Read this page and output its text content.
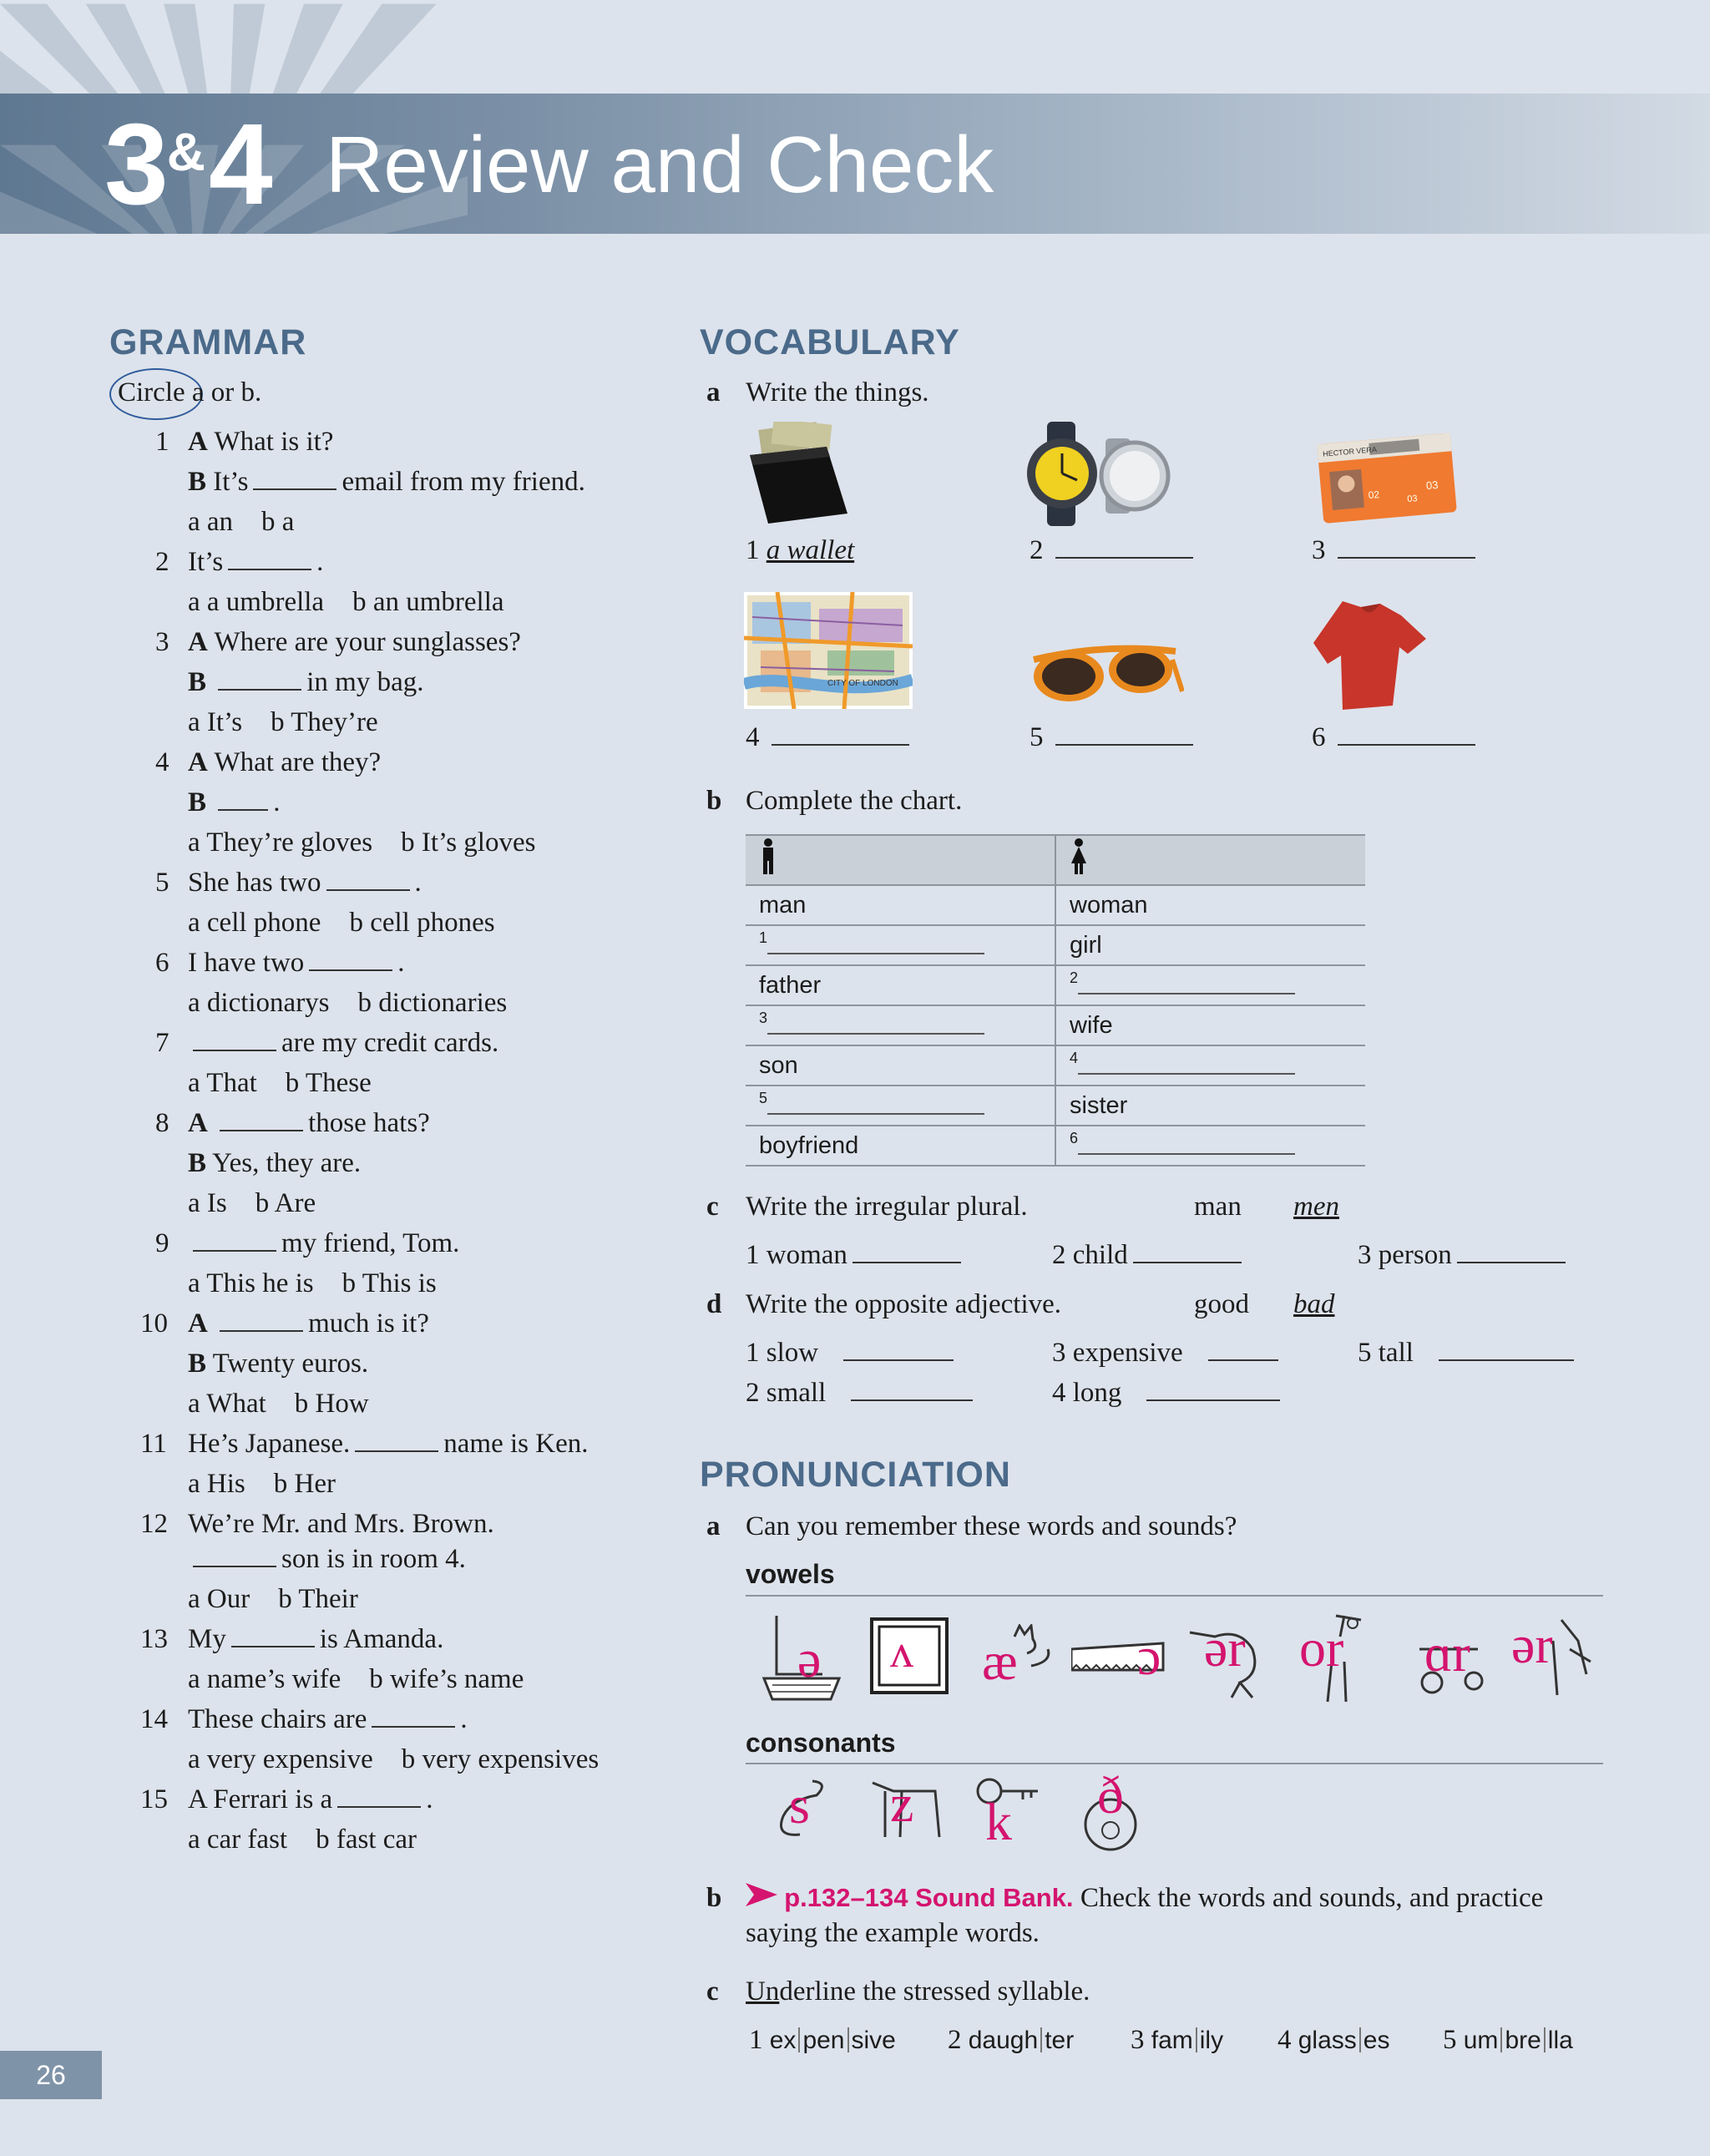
3&4 Review and Check
GRAMMAR
Circle a or b.
1 A What is it?
B It’s	email from my friend.
a an b a
2 It’s	.
a a umbrella b an umbrella
3 A Where are your sunglasses?
B	in my bag.
a It’s b They’re
4 A What are they?
B .
a They’re gloves b It’s gloves
5 She has two	.
a cell phone b cell phones
6 I have two	.
a dictionarys b dictionaries
7	are my credit cards.
a That b These
8 A	those hats?
B Yes, they are.
a Is b Are
9	my friend, Tom.
a This he is b This is
10 A	much is it?
B Twenty euros.
a What b How
11 He’s Japanese.	name is Ken.
a His b Her
12 We’re Mr. and Mrs. Brown.
son is in room 4.
a Our b Their
13 My	is Amanda.
a name’s wife b wife’s name
14 These chairs are	.
a very expensive b very expensives
15 A Ferrari is a	.
a car fast b fast car
VOCABULARY
a Write the things.
HECTOR VERA
03
02	03
CITY OF LONDON
1 a wallet	2	3
4	5	6
b Complete the chart.

man	woman
$^1$	girl
father	$^2$
$^3$	wife
son	$^4$
$^5$	sister
boyfriend	$^6$
c Write the irregular plural.	man men
1 woman	2 child	3 person
d Write the opposite adjective.	good bad
1 slow	3 expensive	5 tall
2 small	4 long
PRONUNCIATION
a Can you remember these words and sounds?
vowels
ə ʌ æ ɔ ər or ɑr ər
consonants
s z k ð
b	p.132–134 Sound Bank. Check the words and sounds, and practice
saying the example words.
c Underline the stressed syllable.
1 ex pen sive 2 daugh ter 3 fam ily 4 glass es 5 um bre lla
26
